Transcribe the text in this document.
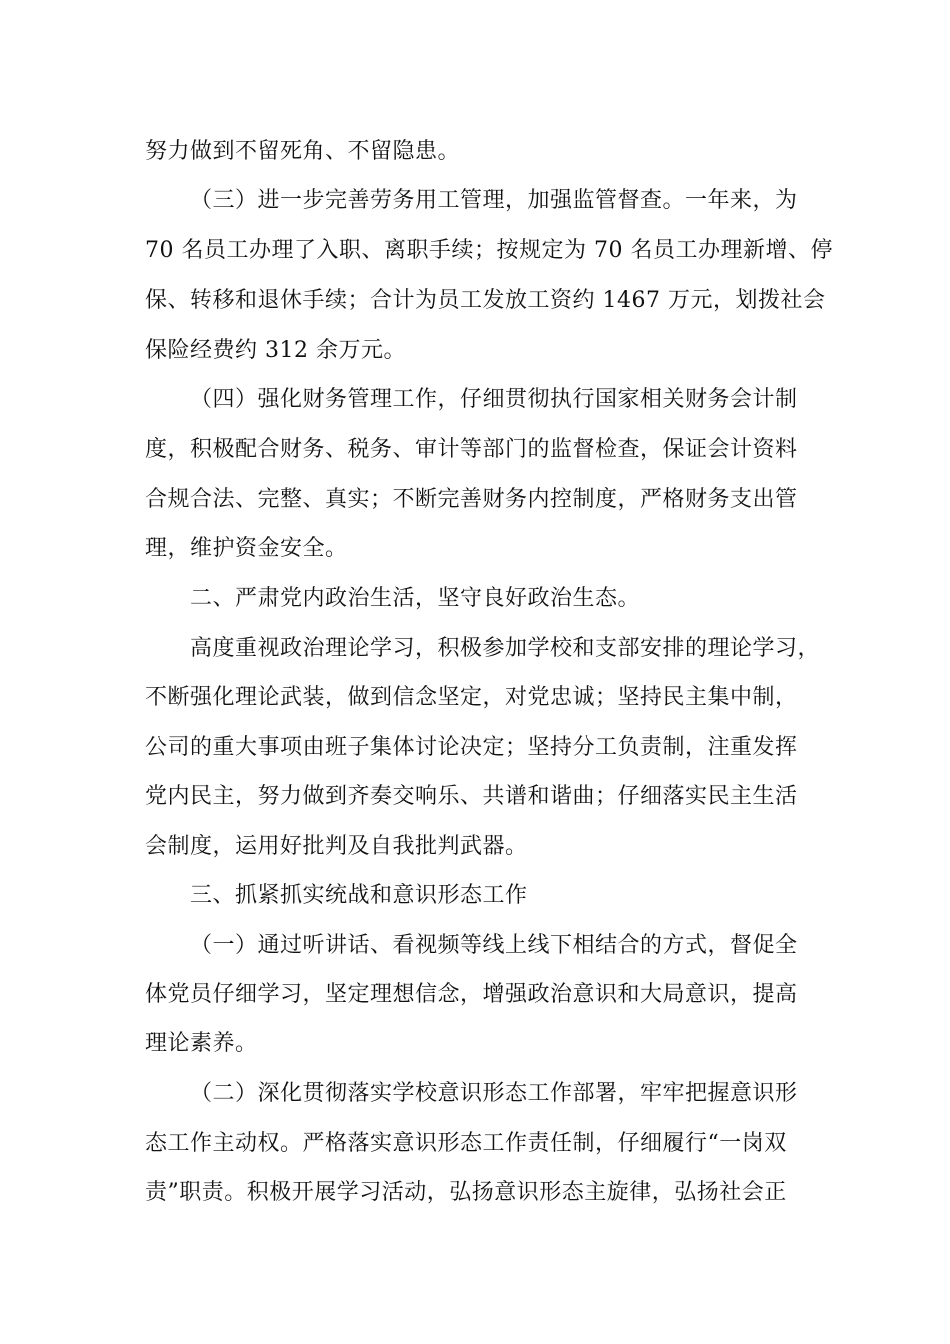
努力做到不留死角、不留隐患。
（三）进一步完善劳务用工管理，加强监管督查。一年来，为
70 名员工办理了入职、离职手续；按规定为 70 名员工办理新增、停
保、转移和退休手续；合计为员工发放工资约 1467 万元，划拨社会
保险经费约 312 余万元。
（四）强化财务管理工作，仔细贯彻执行国家相关财务会计制
度，积极配合财务、税务、审计等部门的监督检查，保证会计资料
合规合法、完整、真实；不断完善财务内控制度，严格财务支出管
理，维护资金安全。
二、严肃党内政治生活，坚守良好政治生态。
高度重视政治理论学习，积极参加学校和支部安排的理论学习，
不断强化理论武装，做到信念坚定，对党忠诚；坚持民主集中制，
公司的重大事项由班子集体讨论决定；坚持分工负责制，注重发挥
党内民主，努力做到齐奏交响乐、共谱和谐曲；仔细落实民主生活
会制度，运用好批判及自我批判武器。
三、抓紧抓实统战和意识形态工作
（一）通过听讲话、看视频等线上线下相结合的方式，督促全
体党员仔细学习，坚定理想信念，增强政治意识和大局意识，提高
理论素养。
（二）深化贯彻落实学校意识形态工作部署，牢牢把握意识形
态工作主动权。严格落实意识形态工作责任制，仔细履行“一岗双
责”职责。积极开展学习活动，弘扬意识形态主旋律，弘扬社会正
